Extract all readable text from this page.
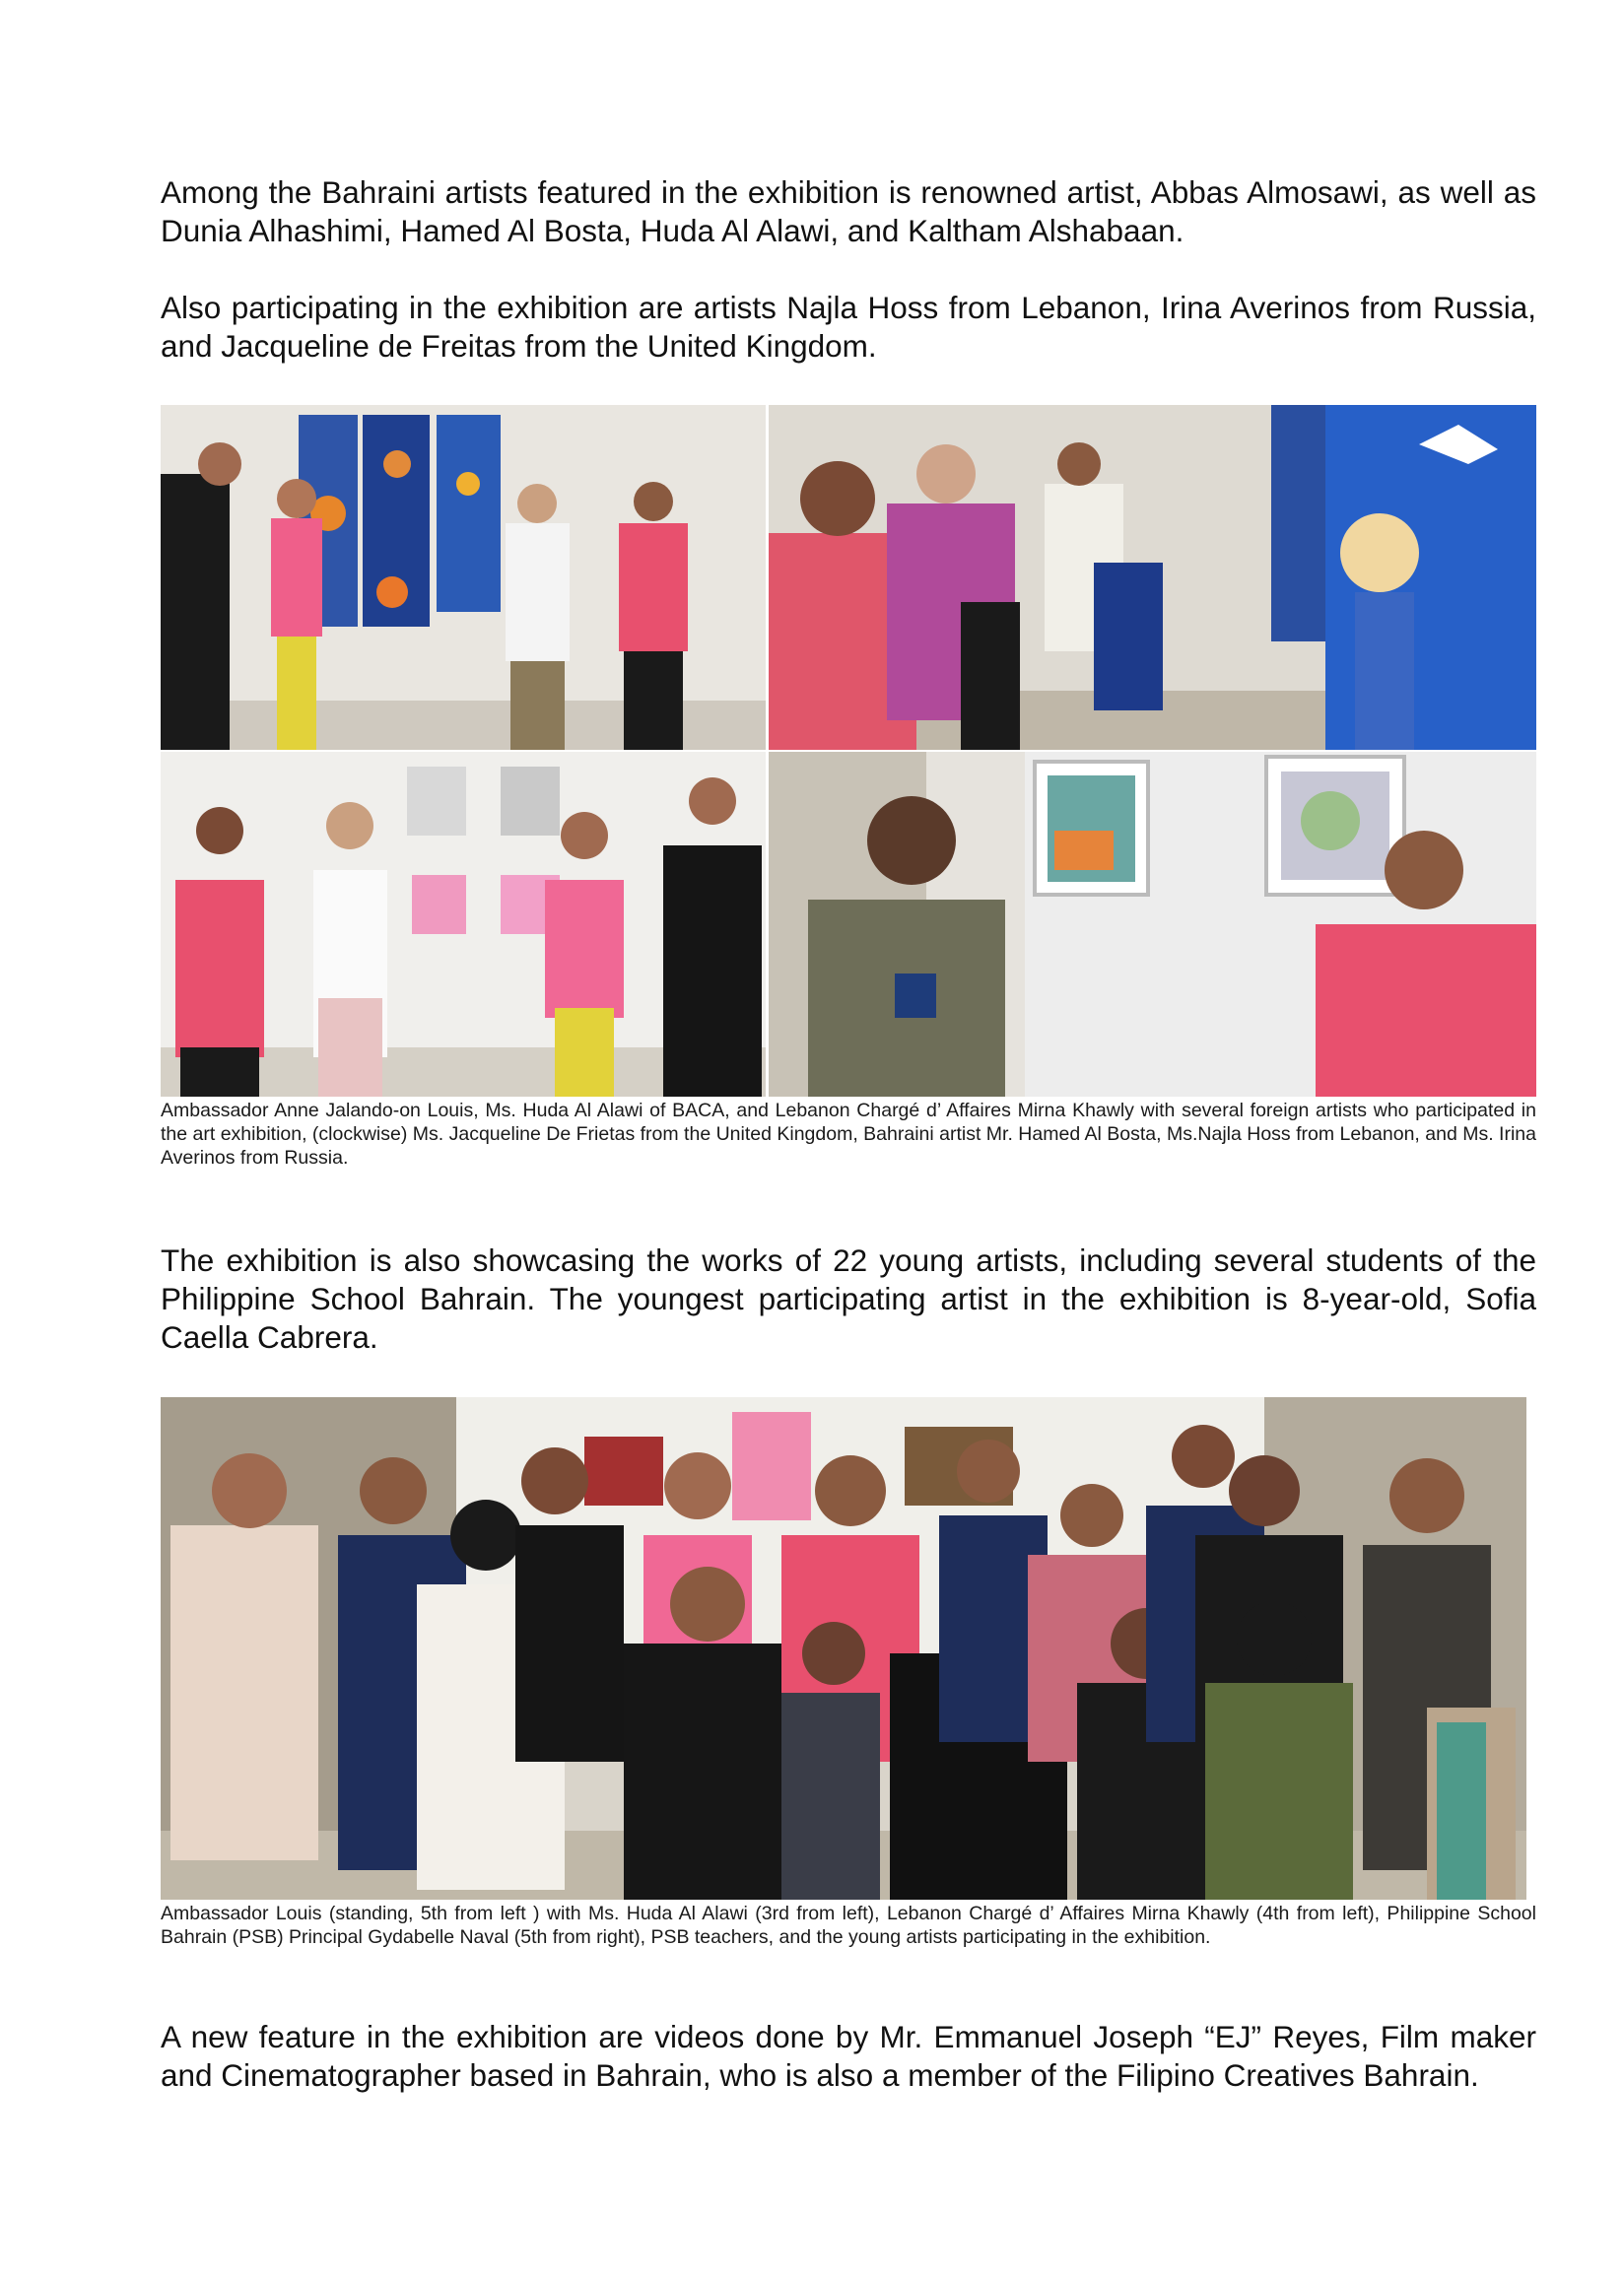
Among the Bahraini artists featured in the exhibition is renowned artist, Abbas Almosawi, as well as Dunia Alhashimi, Hamed Al Bosta, Huda Al Alawi, and Kaltham Alshabaan.

Also participating in the exhibition are artists Najla Hoss from Lebanon, Irina Averinos from Russia, and Jacqueline de Freitas from the United Kingdom.

Ambassador Anne Jalando-on Louis, Ms. Huda Al Alawi of BACA, and Lebanon Chargé d’ Affaires Mirna Khawly with several foreign artists who participated in the art exhibition, (clockwise) Ms. Jacqueline De Frietas from the United Kingdom, Bahraini artist Mr. Hamed Al Bosta, Ms.Najla Hoss from Lebanon, and Ms. Irina Averinos from Russia.

The exhibition is also showcasing the works of 22 young artists, including several students of the Philippine School Bahrain. The youngest participating artist in the exhibition is 8-year-old, Sofia Caella Cabrera.

Ambassador Louis (standing, 5th from left ) with Ms. Huda Al Alawi (3rd from left), Lebanon Chargé d’ Affaires Mirna Khawly (4th from left), Philippine School Bahrain (PSB) Principal Gydabelle Naval (5th from right), PSB teachers, and the young artists participating in the exhibition.

A new feature in the exhibition are videos done by Mr. Emmanuel Joseph “EJ” Reyes, Film maker and Cinematographer based in Bahrain, who is also a member of the Filipino Creatives Bahrain.
